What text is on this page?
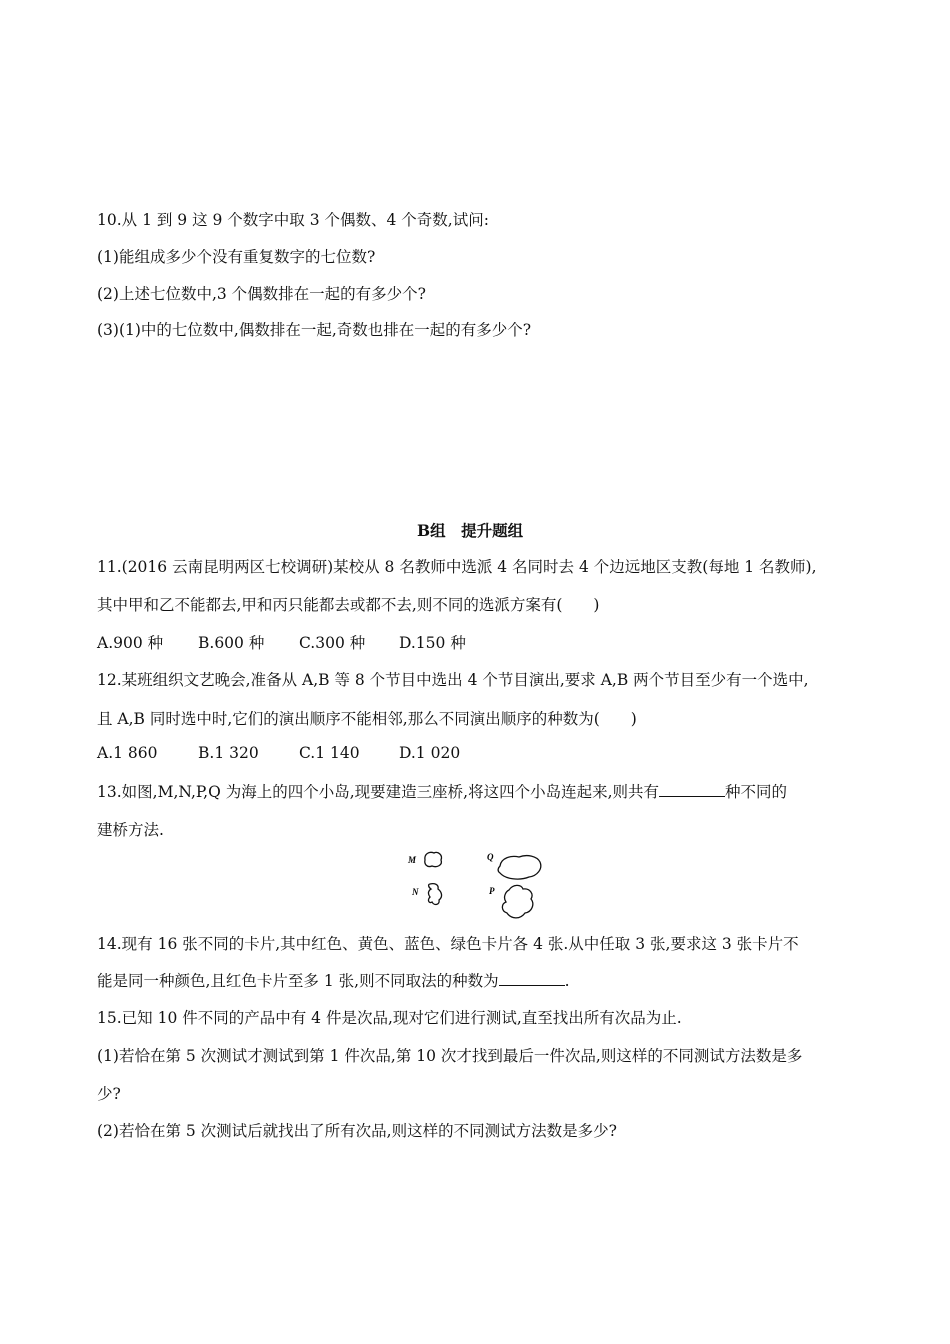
10.从 1 到 9 这 9 个数字中取 3 个偶数、4 个奇数,试问:
(1)能组成多少个没有重复数字的七位数?
(2)上述七位数中,3 个偶数排在一起的有多少个?
(3)(1)中的七位数中,偶数排在一起,奇数也排在一起的有多少个?
B组　提升题组
11.(2016 云南昆明两区七校调研)某校从 8 名教师中选派 4 名同时去 4 个边远地区支教(每地 1 名教师),
其中甲和乙不能都去,甲和丙只能都去或都不去,则不同的选派方案有(　　)
A.900 种 B.600 种 C.300 种 D.150 种
12.某班组织文艺晚会,准备从 A,B 等 8 个节目中选出 4 个节目演出,要求 A,B 两个节目至少有一个选中,
且 A,B 同时选中时,它们的演出顺序不能相邻,那么不同演出顺序的种数为(　　)
A.1 860	B.1 320	C.1 140	D.1 020
13.如图,M,N,P,Q 为海上的四个小岛,现要建造三座桥,将这四个小岛连起来,则共有	种不同的
建桥方法.
M
N
Q
P
14.现有 16 张不同的卡片,其中红色、黄色、蓝色、绿色卡片各 4 张.从中任取 3 张,要求这 3 张卡片不
能是同一种颜色,且红色卡片至多 1 张,则不同取法的种数为	.
15.已知 10 件不同的产品中有 4 件是次品,现对它们进行测试,直至找出所有次品为止.
(1)若恰在第 5 次测试才测试到第 1 件次品,第 10 次才找到最后一件次品,则这样的不同测试方法数是多
少?
(2)若恰在第 5 次测试后就找出了所有次品,则这样的不同测试方法数是多少?
